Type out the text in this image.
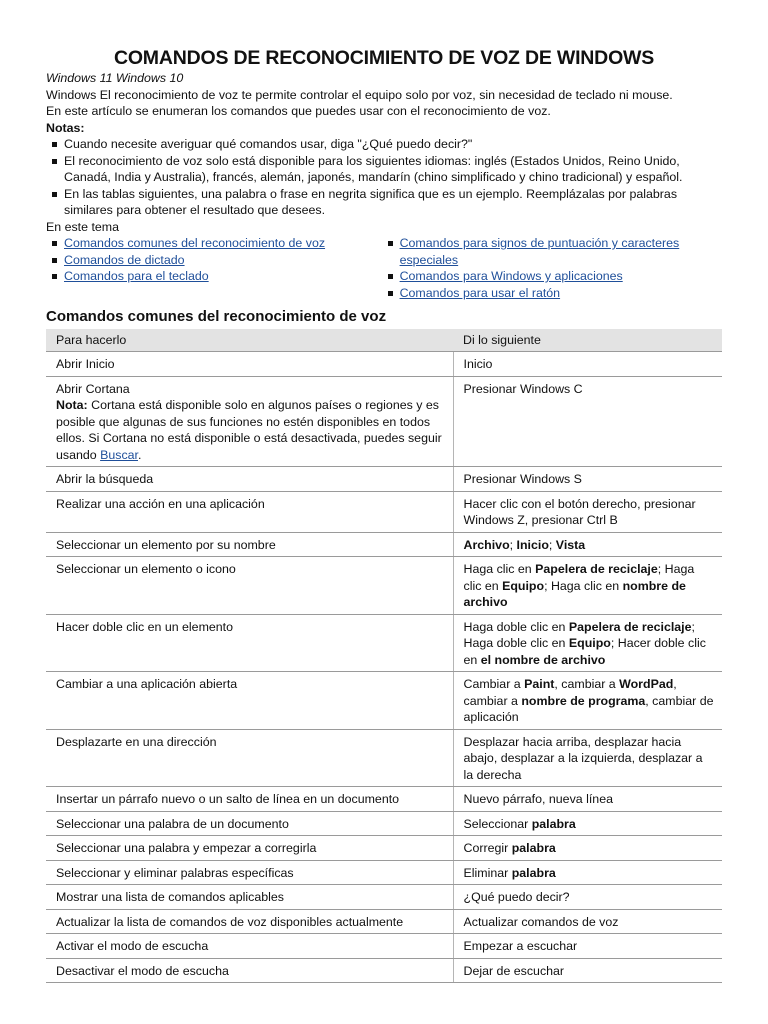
COMANDOS DE RECONOCIMIENTO DE VOZ DE WINDOWS

Windows 11 Windows 10

Windows El reconocimiento de voz te permite controlar el equipo solo por voz, sin necesidad de teclado ni mouse.

En este artículo se enumeran los comandos que puedes usar con el reconocimiento de voz.

Notas:

Cuando necesite averiguar qué comandos usar, diga "¿Qué puedo decir?"
El reconocimiento de voz solo está disponible para los siguientes idiomas: inglés (Estados Unidos, Reino Unido, Canadá, India y Australia), francés, alemán, japonés, mandarín (chino simplificado y chino tradicional) y español.
En las tablas siguientes, una palabra o frase en negrita significa que es un ejemplo. Reemplázalas por palabras similares para obtener el resultado que desees.

En este tema

Comandos comunes del reconocimiento de voz
Comandos de dictado
Comandos para el teclado
Comandos para signos de puntuación y caracteres especiales
Comandos para Windows y aplicaciones
Comandos para usar el ratón
Comandos comunes del reconocimiento de voz
Para hacerlo	Di lo siguiente
Abrir Inicio	Inicio
Abrir Cortana
Nota: Cortana está disponible solo en algunos países o regiones y es posible que algunas de sus funciones no estén disponibles en todos ellos. Si Cortana no está disponible o está desactivada, puedes seguir usando Buscar.	Presionar Windows C
Abrir la búsqueda	Presionar Windows S
Realizar una acción en una aplicación	Hacer clic con el botón derecho, presionar Windows Z, presionar Ctrl B
Seleccionar un elemento por su nombre	Archivo; Inicio; Vista
Seleccionar un elemento o icono	Haga clic en Papelera de reciclaje; Haga clic en Equipo; Haga clic en nombre de archivo
Hacer doble clic en un elemento	Haga doble clic en Papelera de reciclaje; Haga doble clic en Equipo; Hacer doble clic en el nombre de archivo
Cambiar a una aplicación abierta	Cambiar a Paint, cambiar a WordPad, cambiar a nombre de programa, cambiar de aplicación
Desplazarte en una dirección	Desplazar hacia arriba, desplazar hacia abajo, desplazar a la izquierda, desplazar a la derecha
Insertar un párrafo nuevo o un salto de línea en un documento	Nuevo párrafo, nueva línea
Seleccionar una palabra de un documento	Seleccionar palabra
Seleccionar una palabra y empezar a corregirla	Corregir palabra
Seleccionar y eliminar palabras específicas	Eliminar palabra
Mostrar una lista de comandos aplicables	¿Qué puedo decir?
Actualizar la lista de comandos de voz disponibles actualmente	Actualizar comandos de voz
Activar el modo de escucha	Empezar a escuchar
Desactivar el modo de escucha	Dejar de escuchar
